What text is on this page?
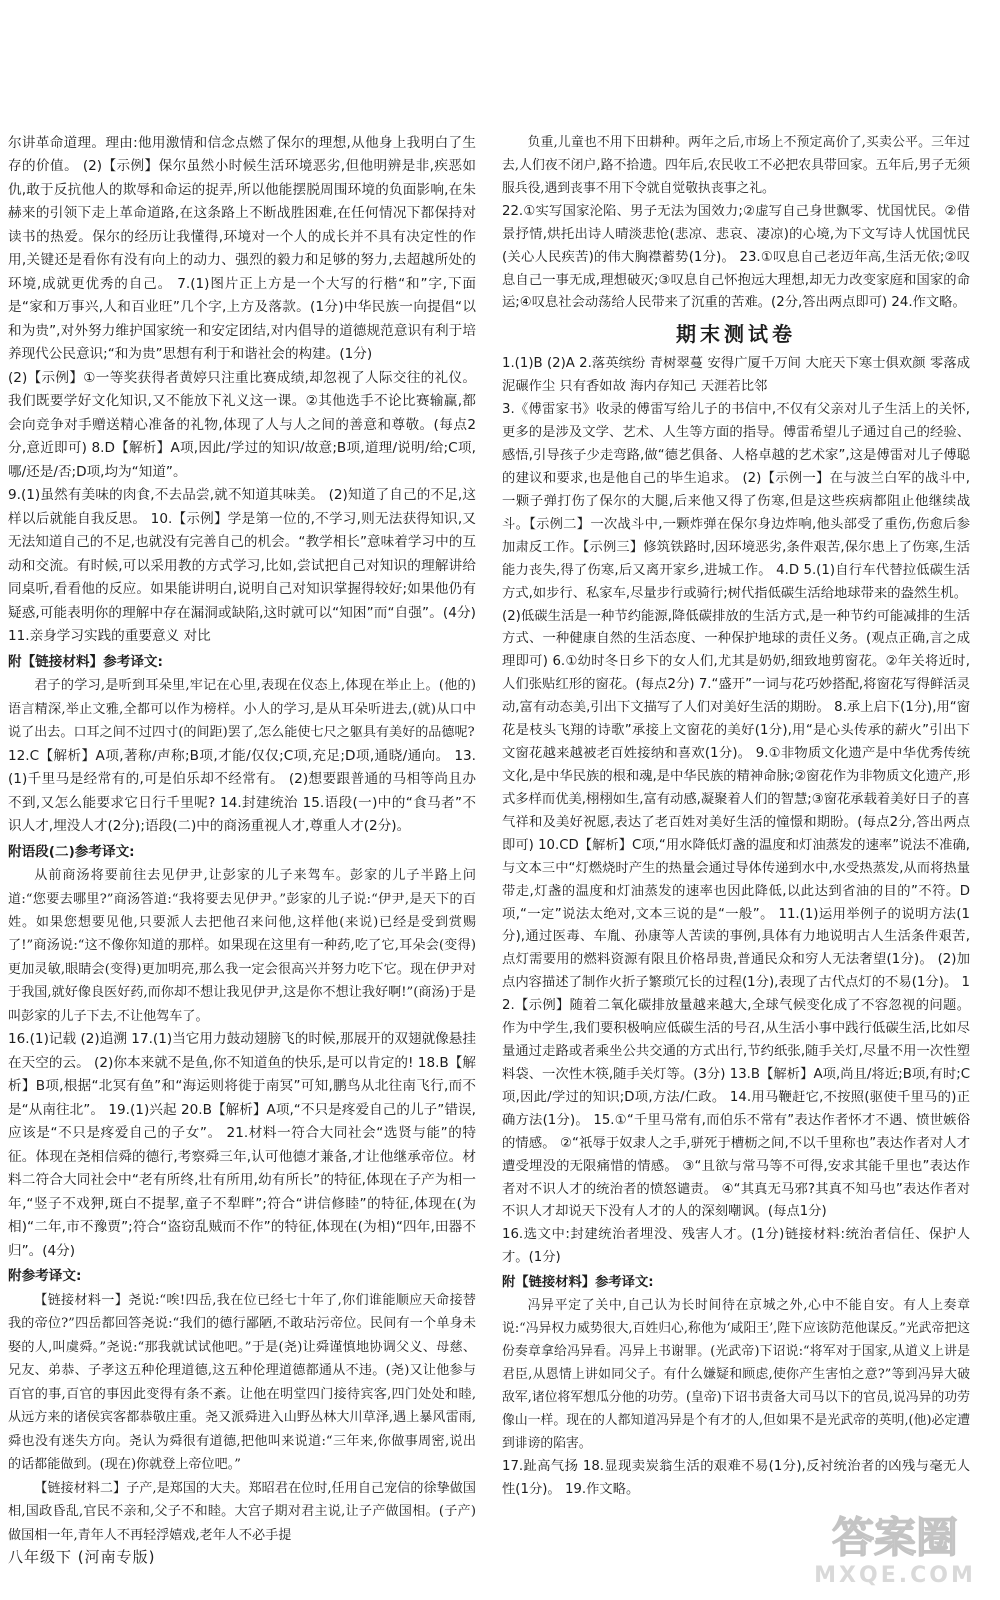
尔讲革命道理。理由:他用激情和信念点燃了保尔的理想,从他身上我明白了生存的价值。 (2)【示例】保尔虽然小时候生活环境恶劣,但他明辨是非,疾恶如仇,敢于反抗他人的欺辱和命运的捉弄,所以他能摆脱周围环境的负面影响,在朱赫来的引领下走上革命道路,在这条路上不断战胜困难,在任何情况下都保持对读书的热爱。保尔的经历让我懂得,环境对一个人的成长并不具有决定性的作用,关键还是看你有没有向上的动力、强烈的毅力和足够的努力,去超越所处的环境,成就更优秀的自己。 7.(1)图片正上方是一个大写的行楷“和”字,下面是“家和万事兴,人和百业旺”几个字,上方及落款。(1分)中华民族一向提倡“以和为贵”,对外努力维护国家统一和安定团结,对内倡导的道德规范意识有利于培养现代公民意识;“和为贵”思想有利于和谐社会的构建。(1分)

(2)【示例】①一等奖获得者黄婷只注重比赛成绩,却忽视了人际交往的礼仪。我们既要学好文化知识,又不能放下礼义这一课。②其他选手不论比赛输赢,都会向竞争对手赠送精心准备的礼物,体现了人与人之间的善意和尊敬。(每点2分,意近即可) 8.D【解析】A项,因此/学过的知识/故意;B项,道理/说明/给;C项,哪/还是/否;D项,均为“知道”。

9.(1)虽然有美味的肉食,不去品尝,就不知道其味美。 (2)知道了自己的不足,这样以后就能自我反思。 10.【示例】学是第一位的,不学习,则无法获得知识,又无法知道自己的不足,也就没有完善自己的机会。“教学相长”意味着学习中的互动和交流。有时候,可以采用教的方式学习,比如,尝试把自己对知识的理解讲给同桌听,看看他的反应。如果能讲明白,说明自己对知识掌握得较好;如果他仍有疑惑,可能表明你的理解中存在漏洞或缺陷,这时就可以“知困”而“自强”。(4分) 11.亲身学习实践的重要意义 对比

附【链接材料】参考译文:

君子的学习,是听到耳朵里,牢记在心里,表现在仪态上,体现在举止上。(他的)语言精深,举止文雅,全都可以作为榜样。小人的学习,是从耳朵听进去,(就)从口中说了出去。口耳之间不过四寸(的间距)罢了,怎么能使七尺之躯具有美好的品德呢?

12.C【解析】A项,著称/声称;B项,才能/仅仅;C项,充足;D项,通晓/通向。 13.(1)千里马是经常有的,可是伯乐却不经常有。 (2)想要跟普通的马相等尚且办不到,又怎么能要求它日行千里呢? 14.封建统治 15.语段(一)中的“食马者”不识人才,埋没人才(2分);语段(二)中的商汤重视人才,尊重人才(2分)。

附语段(二)参考译文:

从前商汤将要前往去见伊尹,让彭家的儿子来驾车。彭家的儿子半路上问道:“您要去哪里?”商汤答道:“我将要去见伊尹。”彭家的儿子说:“伊尹,是天下的百姓。如果您想要见他,只要派人去把他召来问他,这样他(来说)已经是受到赏赐了!”商汤说:“这不像你知道的那样。如果现在这里有一种药,吃了它,耳朵会(变得)更加灵敏,眼睛会(变得)更加明亮,那么我一定会很高兴并努力吃下它。现在伊尹对于我国,就好像良医好药,而你却不想让我见伊尹,这是你不想让我好啊!”(商汤)于是叫彭家的儿子下去,不让他驾车了。

16.(1)记载 (2)追溯 17.(1)当它用力鼓动翅膀飞的时候,那展开的双翅就像悬挂在天空的云。 (2)你本来就不是鱼,你不知道鱼的快乐,是可以肯定的! 18.B【解析】B项,根据“北冥有鱼”和“海运则将徙于南冥”可知,鹏鸟从北往南飞行,而不是“从南往北”。 19.(1)兴起 20.B【解析】A项,“不只是疼爱自己的儿子”错误,应该是“不只是疼爱自己的子女”。 21.材料一符合大同社会“选贤与能”的特征。体现在尧相信舜的德行,考察舜三年,认可他德才兼备,才让他继承帝位。材料二符合大同社会中“老有所终,壮有所用,幼有所长”的特征,体现在子产为相一年,“竖子不戏狎,斑白不提挈,童子不犁畔”;符合“讲信修睦”的特征,体现在(为相)“二年,市不豫贾”;符合“盗窃乱贼而不作”的特征,体现在(为相)“四年,田器不归”。(4分)

附参考译文:

【链接材料一】尧说:“唉!四岳,我在位已经七十年了,你们谁能顺应天命接替我的帝位?”四岳都回答尧说:“我们的德行鄙陋,不敢玷污帝位。民间有一个单身未娶的人,叫虞舜。”尧说:“那我就试试他吧。”于是(尧)让舜谨慎地协调父义、母慈、兄友、弟恭、子孝这五种伦理道德,这五种伦理道德都通从不违。(尧)又让他参与百官的事,百官的事因此变得有条不紊。让他在明堂四门接待宾客,四门处处和睦,从远方来的诸侯宾客都恭敬庄重。尧又派舜进入山野丛林大川草泽,遇上暴风雷雨,舜也没有迷失方向。尧认为舜很有道德,把他叫来说道:“三年来,你做事周密,说出的话都能做到。(现在)你就登上帝位吧。”

【链接材料二】子产,是郑国的大夫。郑昭君在位时,任用自己宠信的徐挚做国相,国政昏乱,官民不亲和,父子不和睦。大宫子期对君主说,让子产做国相。(子产)做国相一年,青年人不再轻浮嬉戏,老年人不必手提

负重,儿童也不用下田耕种。两年之后,市场上不预定高价了,买卖公平。三年过去,人们夜不闭户,路不拾遗。四年后,农民收工不必把农具带回家。五年后,男子无须服兵役,遇到丧事不用下令就自觉敬执丧事之礼。

22.①实写国家沦陷、男子无法为国效力;②虚写自己身世飘零、忧国忧民。②借景抒情,烘托出诗人晴淡悲怆(悲凉、悲哀、凄凉)的心境,为下文写诗人忧国忧民(关心人民疾苦)的伟大胸襟蓄势(1分)。 23.①叹息自己老迈年高,生活无依;②叹息自己一事无成,理想破灭;③叹息自己怀抱远大理想,却无力改变家庭和国家的命运;④叹息社会动荡给人民带来了沉重的苦难。(2分,答出两点即可) 24.作文略。

期末测试卷

1.(1)B (2)A 2.落英缤纷 青树翠蔓 安得广厦千万间 大庇天下寒士俱欢颜 零落成泥碾作尘 只有香如故 海内存知己 天涯若比邻

3.《傅雷家书》收录的傅雷写给儿子的书信中,不仅有父亲对儿子生活上的关怀,更多的是涉及文学、艺术、人生等方面的指导。傅雷希望儿子通过自己的经验、感悟,引导孩子少走弯路,做“德艺俱备、人格卓越的艺术家”,这是傅雷对儿子傅聪的建议和要求,也是他自己的毕生追求。 (2)【示例一】在与波兰白军的战斗中,一颗子弹打伤了保尔的大腿,后来他又得了伤寒,但是这些疾病都阻止他继续战斗。【示例二】一次战斗中,一颗炸弹在保尔身边炸响,他头部受了重伤,伤愈后参加肃反工作。【示例三】修筑铁路时,因环境恶劣,条件艰苦,保尔患上了伤寒,生活能力丧失,得了伤寒,后又离开家乡,进城工作。 4.D 5.(1)自行车代替拉低碳生活方式,如步行、私家车,尽量步行或骑行;树代指低碳生活给地球带来的盎然生机。

(2)低碳生活是一种节约能源,降低碳排放的生活方式,是一种节约可能减排的生活方式、一种健康自然的生活态度、一种保护地球的责任义务。(观点正确,言之成理即可) 6.①幼时冬日乡下的女人们,尤其是奶奶,细致地剪窗花。②年关将近时,人们张贴红形的窗花。(每点2分) 7.“盛开”一词与花巧妙搭配,将窗花写得鲜活灵动,富有动态美,引出下文描写了人们对美好生活的期盼。 8.承上启下(1分),用“窗花是枝头飞翔的诗歌”承接上文窗花的美好(1分),用“是心头传承的薪火”引出下文窗花越来越被老百姓接纳和喜欢(1分)。 9.①非物质文化遗产是中华优秀传统文化,是中华民族的根和魂,是中华民族的精神命脉;②窗花作为非物质文化遗产,形式多样而优美,栩栩如生,富有动感,凝聚着人们的智慧;③窗花承载着美好日子的喜气祥和及美好祝愿,表达了老百姓对美好生活的憧憬和期盼。(每点2分,答出两点即可) 10.CD【解析】C项,“用水降低灯盏的温度和灯油蒸发的速率”说法不准确,与文本三中“灯燃烧时产生的热量会通过导体传递到水中,水受热蒸发,从而将热量带走,灯盏的温度和灯油蒸发的速率也因此降低,以此达到省油的目的”不符。D项,“一定”说法太绝对,文本三说的是“一般”。 11.(1)运用举例子的说明方法(1分),通过医毒、车胤、孙康等人苦读的事例,具体有力地说明古人生活条件艰苦,点灯需要用的燃料资源有限且价格昂贵,普通民众和穷人无法奢望(1分)。 (2)加点内容描述了制作火折子繁琐冗长的过程(1分),表现了古代点灯的不易(1分)。 12.【示例】随着二氧化碳排放量越来越大,全球气候变化成了不容忽视的问题。作为中学生,我们要积极响应低碳生活的号召,从生活小事中践行低碳生活,比如尽量通过走路或者乘坐公共交通的方式出行,节约纸张,随手关灯,尽量不用一次性塑料袋、一次性木筷,随手关灯等。(3分) 13.B【解析】A项,尚且/将近;B项,有时;C项,因此/学过的知识;D项,方法/仁政。 14.用马鞭赶它,不按照(驱使千里马的)正确方法(1分)。 15.①“千里马常有,而伯乐不常有”表达作者怀才不遇、愤世嫉俗的情感。 ②“祇辱于奴隶人之手,骈死于槽枥之间,不以千里称也”表达作者对人才遭受埋没的无限痛惜的情感。 ③“且欲与常马等不可得,安求其能千里也”表达作者对不识人才的统治者的愤怒谴责。 ④“其真无马邪?其真不知马也”表达作者对不识人才却说天下没有人才的人的深刻嘲讽。(每点1分)

16.选文中:封建统治者埋没、残害人才。(1分)链接材料:统治者信任、保护人才。(1分)

附【链接材料】参考译文:

冯异平定了关中,自己认为长时间待在京城之外,心中不能自安。有人上奏章说:“冯异权力威势很大,百姓归心,称他为‘咸阳王’,陛下应该防范他谋反。”光武帝把这份奏章拿给冯异看。冯异上书谢罪。(光武帝)下诏说:“将军对于国家,从道义上讲是君臣,从恩情上讲如同父子。有什么嫌疑和顾虑,使你产生害怕之意?”等到冯异大破敌军,诸位将军想瓜分他的功劳。(皇帝)下诏书责备大司马以下的官员,说冯异的功劳像山一样。现在的人都知道冯异是个有才的人,但如果不是光武帝的英明,(他)必定遭到诽谤的陷害。

17.趾高气扬 18.显现卖炭翁生活的艰难不易(1分),反衬统治者的凶残与毫无人性(1分)。 19.作文略。

八年级下 (河南专版)	答案圈
MXQE.COM
